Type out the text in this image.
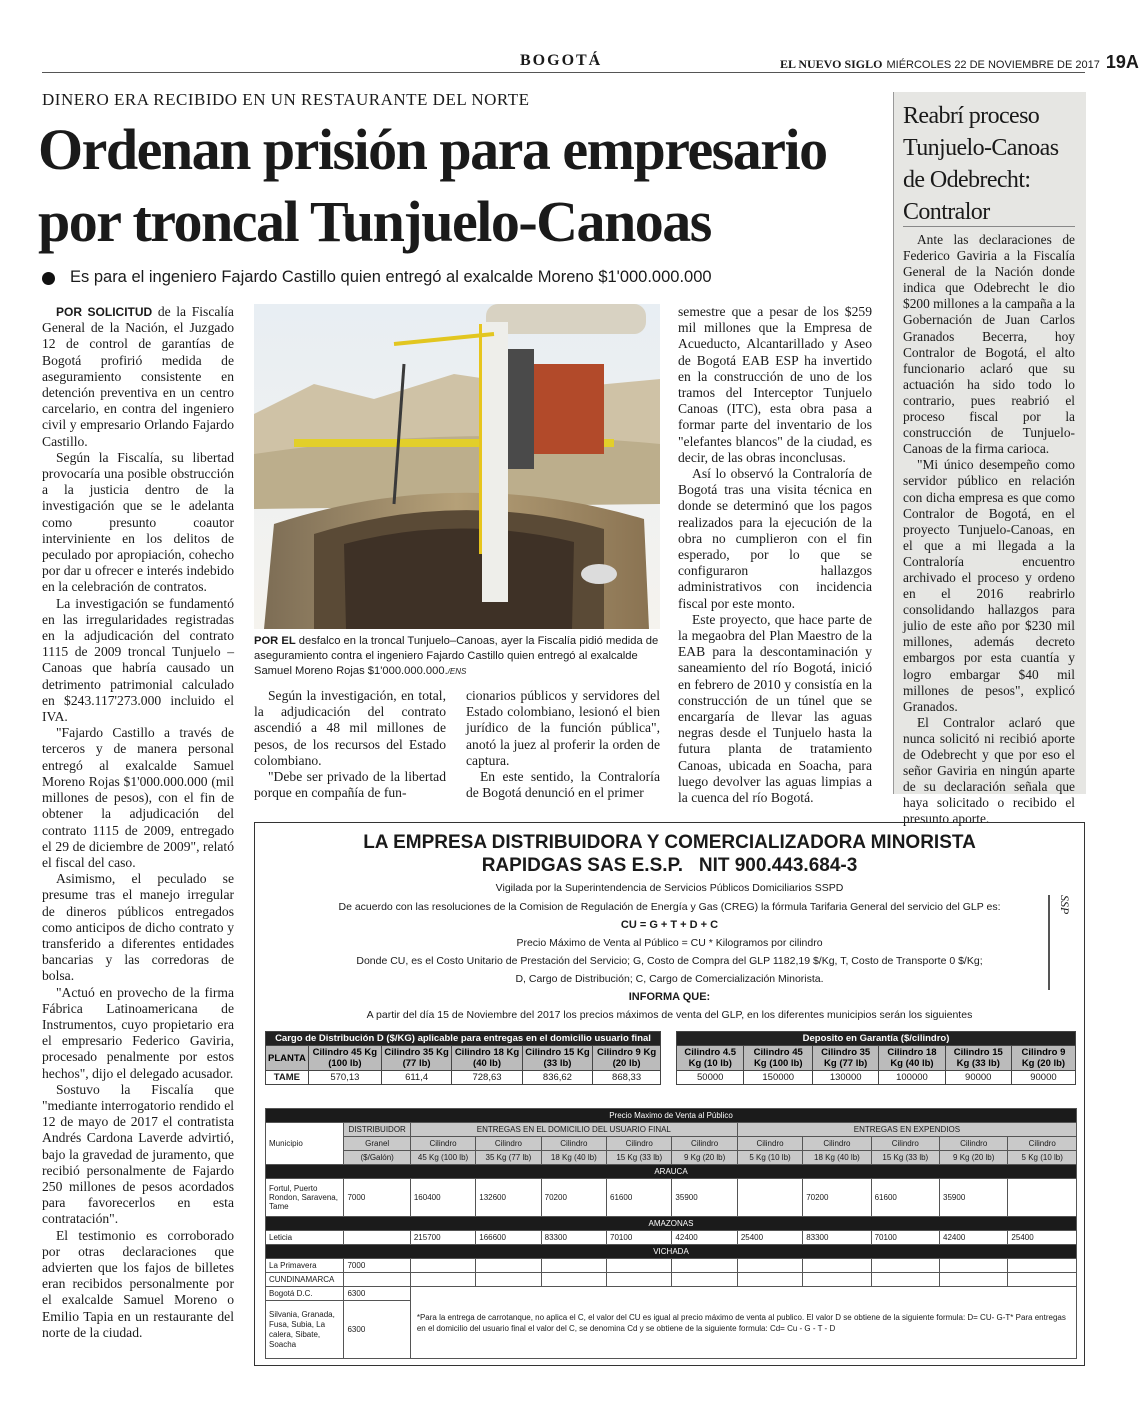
BOGOTÁ	EL NUEVO SIGLO MIÉRCOLES 22 DE NOVIEMBRE DE 2017 19A
DINERO ERA RECIBIDO EN UN RESTAURANTE DEL NORTE
Ordenan prisión para empresario
por troncal Tunjuelo-Canoas
Es para el ingeniero Fajardo Castillo quien entregó al exalcalde Moreno $1'000.000.000

POR SOLICITUD de la Fiscalía General de la Nación, el Juzgado 12 de control de garantías de Bogotá profirió medida de aseguramiento consistente en detención preventiva en un centro carcelario, en contra del ingeniero civil y empresario Orlando Fajardo Castillo.

Según la Fiscalía, su libertad provocaría una posible obstrucción a la justicia dentro de la investigación que se le adelanta como presunto coautor interviniente en los delitos de peculado por apropiación, cohecho por dar u ofrecer e interés indebido en la celebración de contratos.

La investigación se fundamentó en las irregularidades registradas en la adjudicación del contrato 1115 de 2009 troncal Tunjuelo – Canoas que habría causado un detrimento patrimonial calculado en $243.117'273.000 incluido el IVA.

"Fajardo Castillo a través de terceros y de manera personal entregó al exalcalde Samuel Moreno Rojas $1'000.000.000 (mil millones de pesos), con el fin de obtener la adjudicación del contrato 1115 de 2009, entregado el 29 de diciembre de 2009", relató el fiscal del caso.

Asimismo, el peculado se presume tras el manejo irregular de dineros públicos entregados como anticipos de dicho contrato y transferido a diferentes entidades bancarias y las corredoras de bolsa.

"Actuó en provecho de la firma Fábrica Latinoamericana de Instrumentos, cuyo propietario era el empresario Federico Gaviria, procesado penalmente por estos hechos", dijo el delegado acusador.

Sostuvo la Fiscalía que "mediante interrogatorio rendido el 12 de mayo de 2017 el contratista Andrés Cardona Laverde advirtió, bajo la gravedad de juramento, que recibió personalmente de Fajardo 250 millones de pesos acordados para favorecerlos en esta contratación".

El testimonio es corroborado por otras declaraciones que advierten que los fajos de billetes eran recibidos personalmente por el exalcalde Samuel Moreno o Emilio Tapia en un restaurante del norte de la ciudad.

POR EL desfalco en la troncal Tunjuelo–Canoas, ayer la Fiscalía pidió medida de aseguramiento contra el ingeniero Fajardo Castillo quien entregó al exalcalde Samuel Moreno Rojas $1'000.000.000./ENS

Según la investigación, en total, la adjudicación del contrato ascendió a 48 mil millones de pesos, de los recursos del Estado colombiano.

"Debe ser privado de la libertad porque en compañía de fun-

cionarios públicos y servidores del Estado colombiano, lesionó el bien jurídico de la función pública", anotó la juez al proferir la orden de captura.

En este sentido, la Contraloría de Bogotá denunció en el primer

semestre que a pesar de los $259 mil millones que la Empresa de Acueducto, Alcantarillado y Aseo de Bogotá EAB ESP ha invertido en la construcción de uno de los tramos del Interceptor Tunjuelo Canoas (ITC), esta obra pasa a formar parte del inventario de los "elefantes blancos" de la ciudad, es decir, de las obras inconclusas.

Así lo observó la Contraloría de Bogotá tras una visita técnica en donde se determinó que los pagos realizados para la ejecución de la obra no cumplieron con el fin esperado, por lo que se configuraron hallazgos administrativos con incidencia fiscal por este monto.

Este proyecto, que hace parte de la megaobra del Plan Maestro de la EAB para la descontaminación y saneamiento del río Bogotá, inició en febrero de 2010 y consistía en la construcción de un túnel que se encargaría de llevar las aguas negras desde el Tunjuelo hasta la futura planta de tratamiento Canoas, ubicada en Soacha, para luego devolver las aguas limpias a la cuenca del río Bogotá.

Reabrí proceso Tunjuelo-Canoas de Odebrecht: Contralor

Ante las declaraciones de Federico Gaviria a la Fiscalía General de la Nación donde indica que Odebrecht le dio $200 millones a la campaña a la Gobernación de Juan Carlos Granados Becerra, hoy Contralor de Bogotá, el alto funcionario aclaró que su actuación ha sido todo lo contrario, pues reabrió el proceso fiscal por la construcción de Tunjuelo-Canoas de la firma carioca.

"Mi único desempeño como servidor público en relación con dicha empresa es que como Contralor de Bogotá, en el proyecto Tunjuelo-Canoas, en el que a mi llegada a la Contraloría encuentro archivado el proceso y ordeno en el 2016 reabrirlo consolidando hallazgos para julio de este año por $230 mil millones, además decreto embargos por esta cuantía y logro embargar $40 mil millones de pesos", explicó Granados.

El Contralor aclaró que nunca solicitó ni recibió aporte de Odebrecht y que por eso el señor Gaviria en ningún aparte de su declaración señala que haya solicitado o recibido el presunto aporte.

LA EMPRESA DISTRIBUIDORA Y COMERCIALIZADORA MINORISTA
RAPIDGAS SAS E.S.P.   NIT 900.443.684-3
Vigilada por la Superintendencia de Servicios Públicos Domiciliarios SSPD
De acuerdo con las resoluciones de la Comision de Regulación de Energía y Gas (CREG) la fórmula Tarifaria General del servicio del GLP es:
CU = G + T + D + C
Precio Máximo de Venta al Público = CU * Kilogramos por cilindro
Donde CU, es el Costo Unitario de Prestación del Servicio; G, Costo de Compra del GLP 1182,19 $/Kg, T, Costo de Transporte 0 $/Kg;
D, Cargo de Distribución; C, Cargo de Comercialización Minorista.
INFORMA QUE:
A partir del día 15 de Noviembre del 2017 los precios máximos de venta del GLP, en los diferentes municipios serán los siguientes
SSP
Cargo de Distribución D ($/KG) aplicable para entregas en el domicilio usuario final					
PLANTA	Cilindro 45 Kg (100 lb)	Cilindro 35 Kg (77 lb)	Cilindro 18 Kg (40 lb)	Cilindro 15 Kg (33 lb)	Cilindro 9 Kg (20 lb)
TAME	570,13	611,4	728,63	836,62	868,33
Deposito en Garantía ($/cilindro)					
Cilindro 4.5 Kg (10 lb)	Cilindro 45 Kg (100 lb)	Cilindro 35 Kg (77 lb)	Cilindro 18 Kg (40 lb)	Cilindro 15 Kg (33 lb)	Cilindro 9 Kg (20 lb)
50000	150000	130000	100000	90000	90000
Precio Maximo de Venta al Público											
Municipio	DISTRIBUIDOR	ENTREGAS EN EL DOMICILIO DEL USUARIO FINAL					ENTREGAS EN EXPENDIOS				
	Granel	Cilindro	Cilindro	Cilindro	Cilindro	Cilindro	Cilindro	Cilindro	Cilindro	Cilindro	Cilindro
	($/Galón)	45 Kg (100 lb)	35 Kg (77 lb)	18 Kg (40 lb)	15 Kg (33 lb)	9 Kg (20 lb)	5 Kg (10 lb)	18 Kg (40 lb)	15 Kg (33 lb)	9 Kg (20 lb)	5 Kg (10 lb)
ARAUCA											
Fortul, Puerto Rondon, Saravena, Tame	7000	160400	132600	70200	61600	35900		70200	61600	35900	
AMAZONAS											
Leticia		215700	166600	83300	70100	42400	25400	83300	70100	42400	25400
VICHADA											
La Primavera	7000										
CUNDINAMARCA											
Bogotá D.C.	6300	*Para la entrega de carrotanque, no aplica el C, el valor del CU es igual al precio máximo de venta al publico. El valor D se obtiene de la siguiente formula: D= CU- G-T* Para entregas en el domicilio del usuario final el valor del C, se denomina Cd y se obtiene de la siguiente formula: Cd= Cu - G - T - D									
Silvania, Granada, Fusa, Subia, La calera, Sibate, Soacha	6300										
